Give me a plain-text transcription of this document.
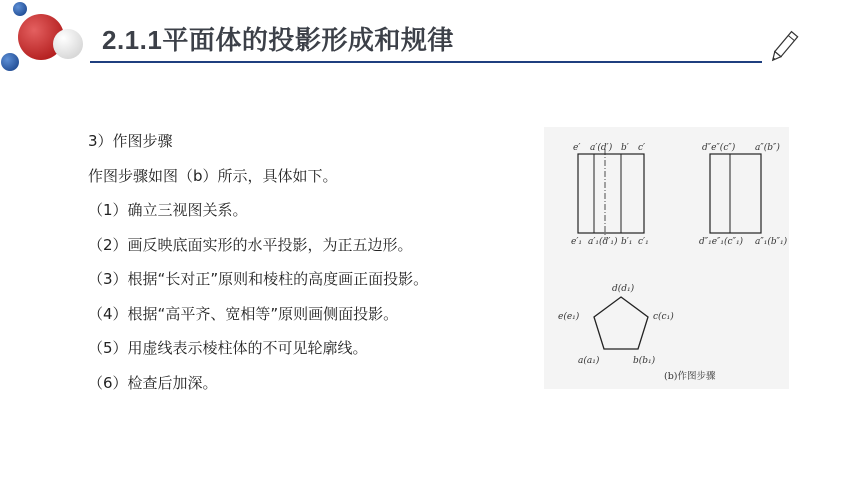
2.1.1平面体的投影形成和规律
3）作图步骤
作图步骤如图（b）所示，具体如下。
（1）确立三视图关系。
（2）画反映底面实形的水平投影，为正五边形。
（3）根据“长对正”原则和棱柱的高度画正面投影。
（4）根据“高平齐、宽相等”原则画侧面投影。
（5）用虚线表示棱柱体的不可见轮廓线。
（6）检查后加深。
e′ a′(d′) b′ c′
e′₁ a′₁(d′₁) b′₁ c′₁
d″e″(c″) a″(b″)
d″₁e″₁(c″₁) a″₁(b″₁)
d(d₁)
e(e₁)	c(c₁)
a(a₁)	b(b₁)
(b)作图步骤
